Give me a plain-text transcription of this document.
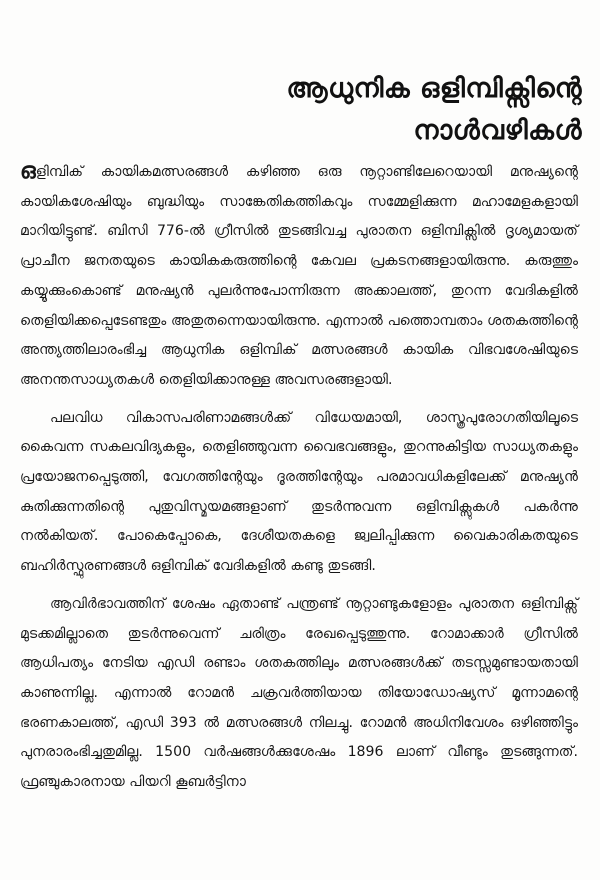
ആധുനിക ഒളിമ്പിക്സിന്റെ
നാൾവഴികൾ

ഒളിമ്പിക് കായികമത്സരങ്ങൾ കഴിഞ്ഞ ഒരു നൂറ്റാണ്ടിലേറെയായി മനുഷ്യന്റെ കായികശേഷിയും ബുദ്ധിയും സാങ്കേതികത്തികവും സമ്മേളിക്കുന്ന മഹാമേളകളായി മാറിയിട്ടുണ്ട്. ബിസി 776-ൽ ഗ്രീസിൽ തുടങ്ങിവച്ച പുരാതന ഒളിമ്പിക്സിൽ ദൃശ്യമായത് പ്രാചീന ജനതയുടെ കായികകരുത്തിന്റെ കേവല പ്രകടനങ്ങളായിരുന്നു. കരുത്തും കയ്യൂക്കുംകൊണ്ട് മനുഷ്യൻ പുലർന്നുപോന്നിരുന്ന അക്കാലത്ത്, തുറന്ന വേദികളിൽ തെളിയിക്കപ്പെടേണ്ടതും അതുതന്നെയായിരുന്നു. എന്നാൽ പത്തൊമ്പതാം ശതകത്തിന്റെ അന്ത്യത്തിലാരംഭിച്ച ആധുനിക ഒളിമ്പിക് മത്സരങ്ങൾ കായിക വിഭവശേഷിയുടെ അനന്തസാധ്യതകൾ തെളിയിക്കാനുള്ള അവസരങ്ങളായി.

പലവിധ വികാസപരിണാമങ്ങൾക്ക് വിധേയമായി, ശാസ്ത്രപുരോഗതിയിലൂടെ കൈവന്ന സകലവിദ്യകളും, തെളിഞ്ഞുവന്ന വൈഭവങ്ങളും, തുറന്നുകിട്ടിയ സാധ്യതകളും പ്രയോജനപ്പെടുത്തി, വേഗത്തിന്റേയും ദൂരത്തിന്റേയും പരമാവധികളിലേക്ക് മനുഷ്യൻ കുതിക്കുന്നതിന്റെ പുതുവിസ്മയമങ്ങളാണ് തുടർന്നുവന്ന ഒളിമ്പിക്സുകൾ പകർന്നു നൽകിയത്. പോകെപ്പോകെ, ദേശീയതകളെ ജ്വലിപ്പിക്കുന്ന വൈകാരികതയുടെ ബഹിർസ്ഫുരണങ്ങൾ ഒളിമ്പിക് വേദികളിൽ കണ്ടു തുടങ്ങി.

ആവിർഭാവത്തിന് ശേഷം ഏതാണ്ട് പന്ത്രണ്ട് നൂറ്റാണ്ടുകളോളം പുരാതന ഒളിമ്പിക്സ് മുടക്കമില്ലാതെ തുടർന്നുവെന്ന് ചരിത്രം രേഖപ്പെടുത്തുന്നു. റോമാക്കാർ ഗ്രീസിൽ ആധിപത്യം നേടിയ എഡി രണ്ടാം ശതകത്തിലും മത്സരങ്ങൾക്ക് തടസ്സമുണ്ടായതായി കാണുന്നില്ല. എന്നാൽ റോമൻ ചക്രവർത്തിയായ തിയോഡോഷ്യസ് മൂന്നാമന്റെ ഭരണകാലത്ത്, എഡി 393 ൽ മത്സരങ്ങൾ നിലച്ചു. റോമൻ അധിനിവേശം ഒഴിഞ്ഞിട്ടും പുനരാരംഭിച്ചതുമില്ല. 1500 വർഷങ്ങൾക്കുശേഷം 1896 ലാണ് വീണ്ടും തുടങ്ങുന്നത്. ഫ്രഞ്ചുകാരനായ പിയറി കൂബർട്ടിനാ
